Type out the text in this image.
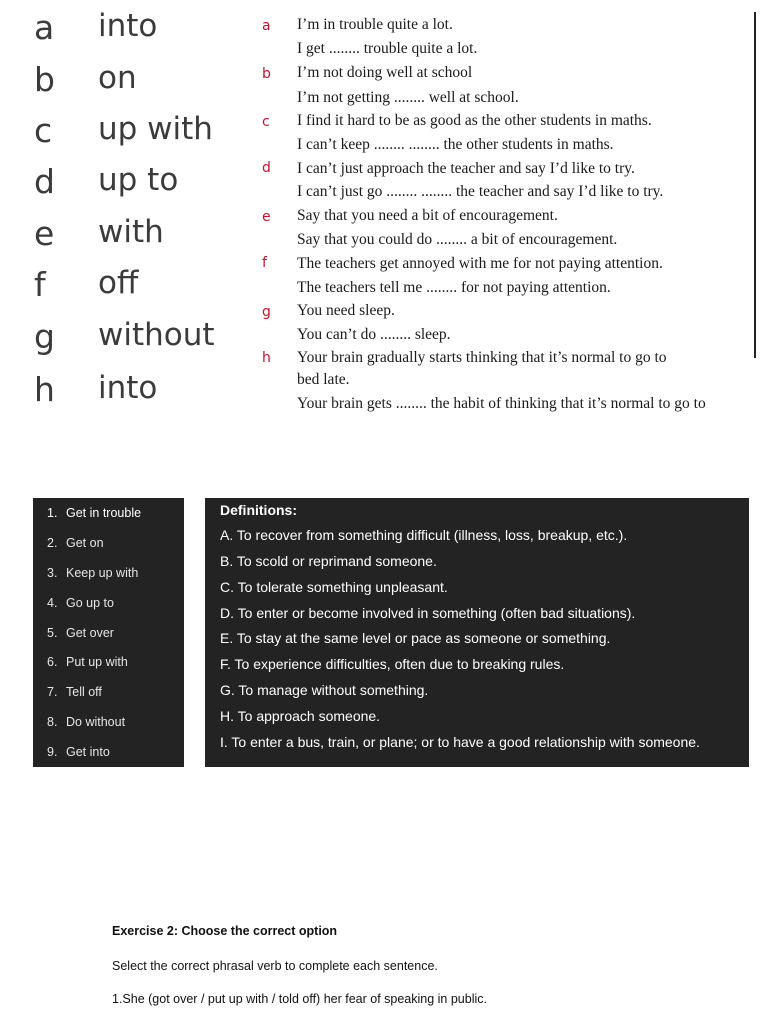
a into
b on
c up with
d up to
e with
f off
g without
h into
a I’m in trouble quite a lot.
I get ........ trouble quite a lot.
b I’m not doing well at school
I’m not getting ........ well at school.
c I find it hard to be as good as the other students in maths.
I can’t keep ........ ........ the other students in maths.
d I can’t just approach the teacher and say I’d like to try.
I can’t just go ........ ........ the teacher and say I’d like to try.
e Say that you need a bit of encouragement.
Say that you could do ........ a bit of encouragement.
f The teachers get annoyed with me for not paying attention.
The teachers tell me ........ for not paying attention.
g You need sleep.
You can’t do ........ sleep.
h Your brain gradually starts thinking that it’s normal to go to
bed late.
Your brain gets ........ the habit of thinking that it’s normal to go to
1. Get in trouble
2. Get on
3. Keep up with
4. Go up to
5. Get over
6. Put up with
7. Tell off
8. Do without
9. Get into
Definitions:
A. To recover from something difficult (illness, loss, breakup, etc.).
B. To scold or reprimand someone.
C. To tolerate something unpleasant.
D. To enter or become involved in something (often bad situations).
E. To stay at the same level or pace as someone or something.
F. To experience difficulties, often due to breaking rules.
G. To manage without something.
H. To approach someone.
I. To enter a bus, train, or plane; or to have a good relationship with someone.
Exercise 2: Choose the correct option
Select the correct phrasal verb to complete each sentence.
1.She (got over / put up with / told off) her fear of speaking in public.
